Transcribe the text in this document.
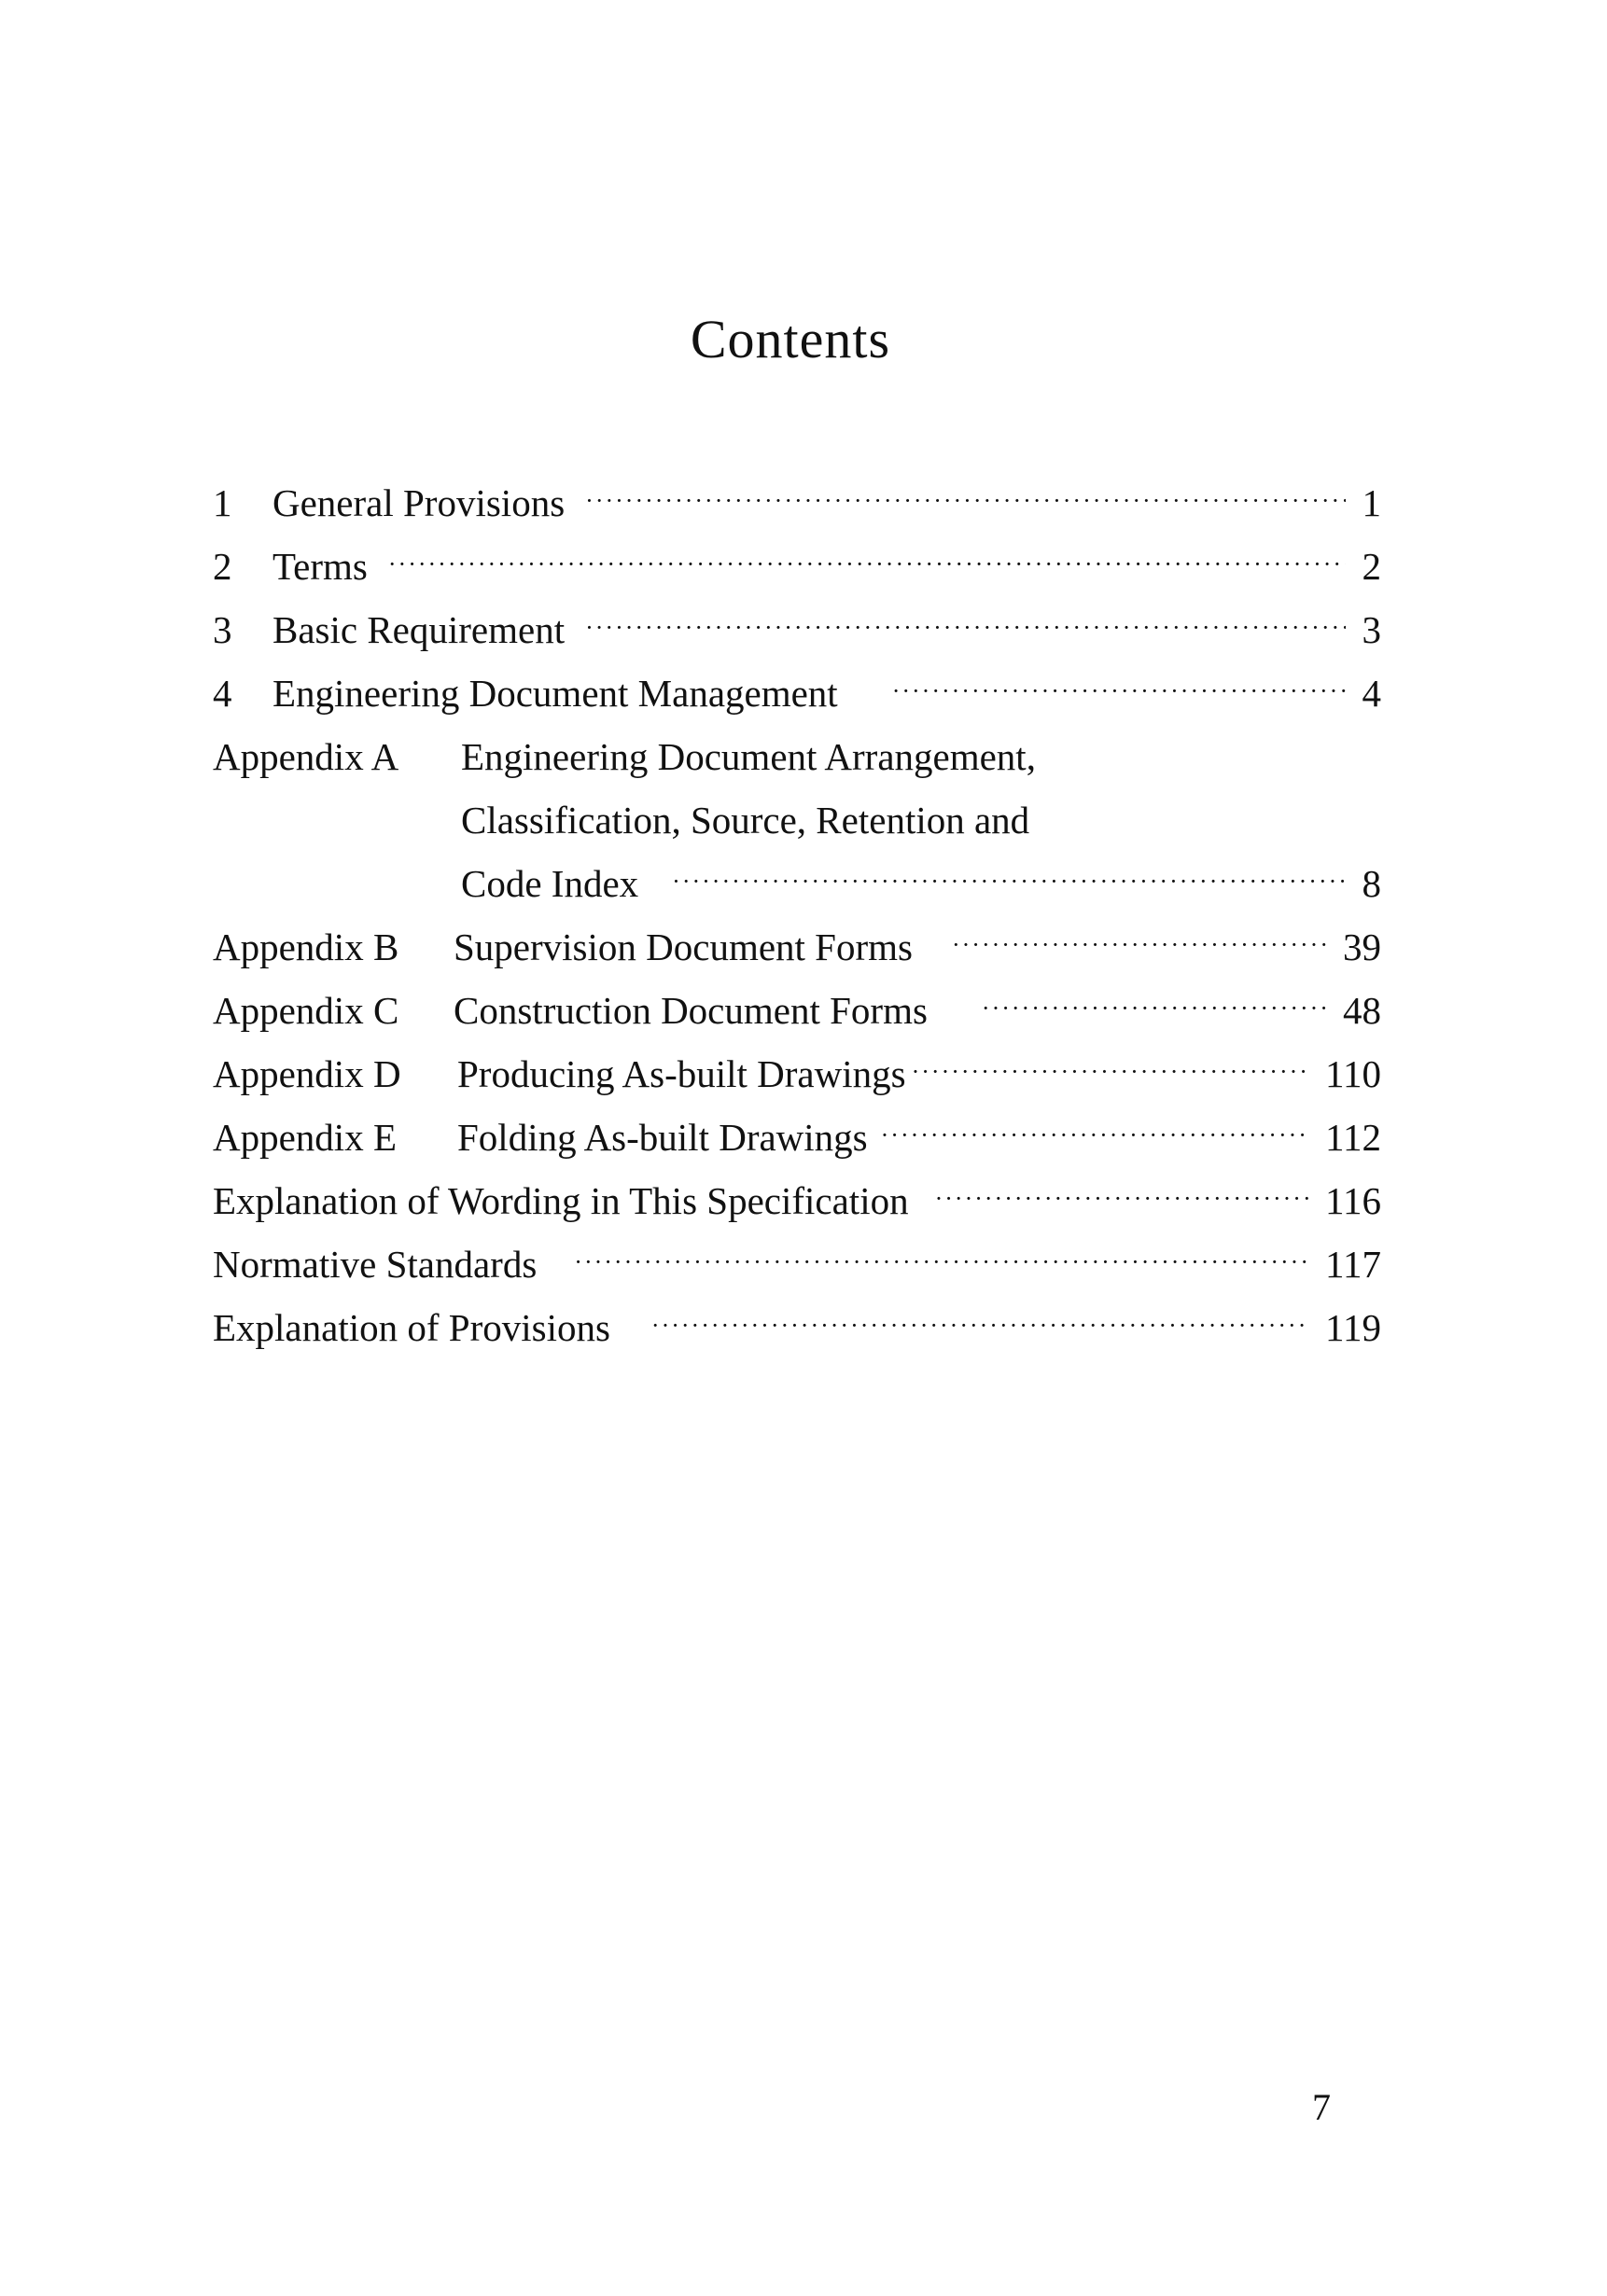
Contents
1	General Provisions ·····	1
2	Terms ·····	2
3	Basic Requirement ·····	3
4	Engineering Document Management ·····	4
Appendix A	Engineering Document Arrangement,
Classification, Source, Retention and
Code Index ·····	8
Appendix B	Supervision Document Forms ·····	39
Appendix C	Construction Document Forms ·····	48
Appendix D	Producing As-built Drawings ·····	110
Appendix E	Folding As-built Drawings ·····	112
Explanation of Wording in This Specification ·····	116
Normative Standards ·····	117
Explanation of Provisions ·····	119
7
